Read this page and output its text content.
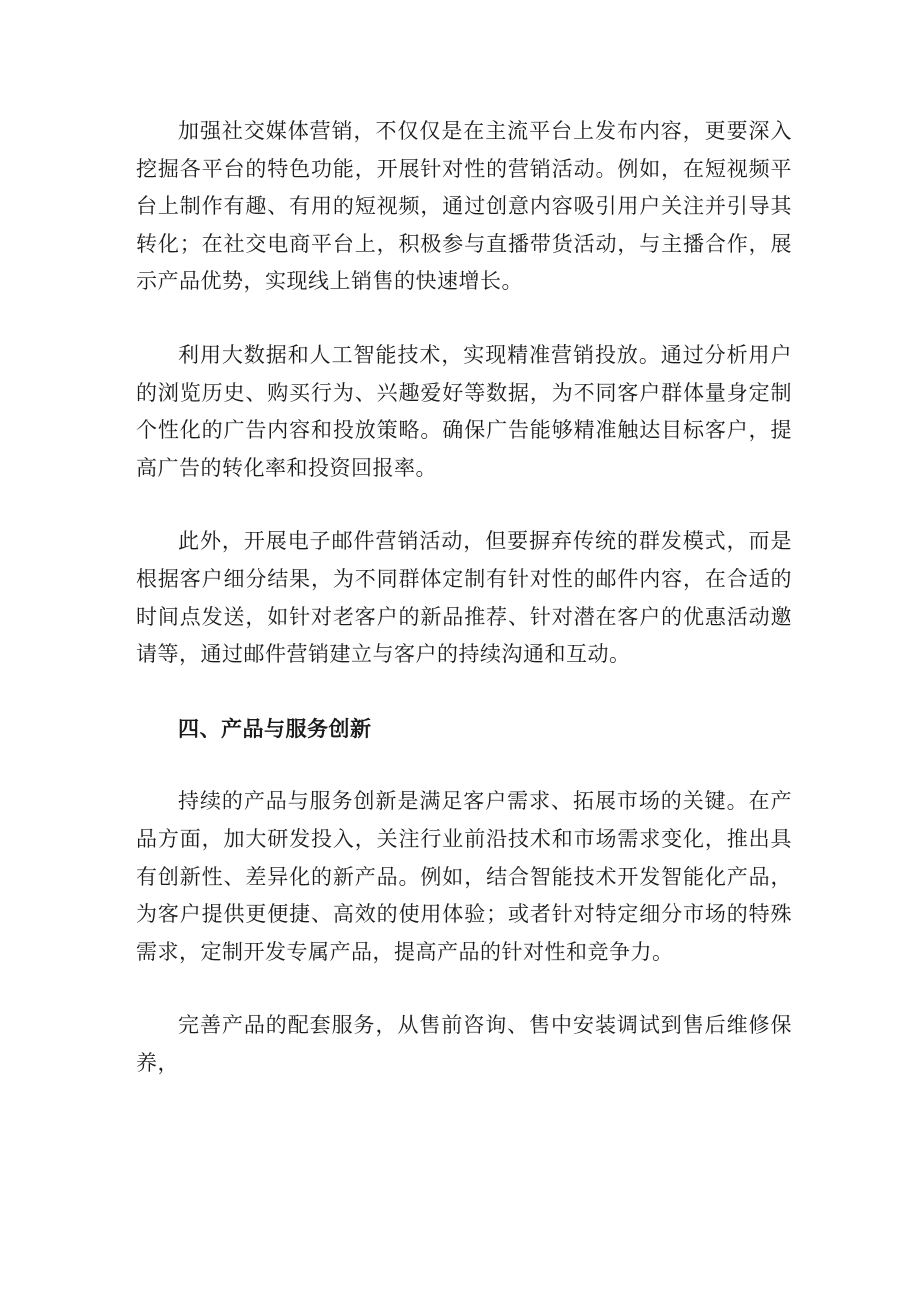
加强社交媒体营销，不仅仅是在主流平台上发布内容，更要深入挖掘各平台的特色功能，开展针对性的营销活动。例如，在短视频平台上制作有趣、有用的短视频，通过创意内容吸引用户关注并引导其转化；在社交电商平台上，积极参与直播带货活动，与主播合作，展示产品优势，实现线上销售的快速增长。

利用大数据和人工智能技术，实现精准营销投放。通过分析用户的浏览历史、购买行为、兴趣爱好等数据，为不同客户群体量身定制个性化的广告内容和投放策略。确保广告能够精准触达目标客户，提高广告的转化率和投资回报率。

此外，开展电子邮件营销活动，但要摒弃传统的群发模式，而是根据客户细分结果，为不同群体定制有针对性的邮件内容，在合适的时间点发送，如针对老客户的新品推荐、针对潜在客户的优惠活动邀请等，通过邮件营销建立与客户的持续沟通和互动。

四、产品与服务创新

持续的产品与服务创新是满足客户需求、拓展市场的关键。在产品方面，加大研发投入，关注行业前沿技术和市场需求变化，推出具有创新性、差异化的新产品。例如，结合智能技术开发智能化产品，为客户提供更便捷、高效的使用体验；或者针对特定细分市场的特殊需求，定制开发专属产品，提高产品的针对性和竞争力。

完善产品的配套服务，从售前咨询、售中安装调试到售后维修保养，
